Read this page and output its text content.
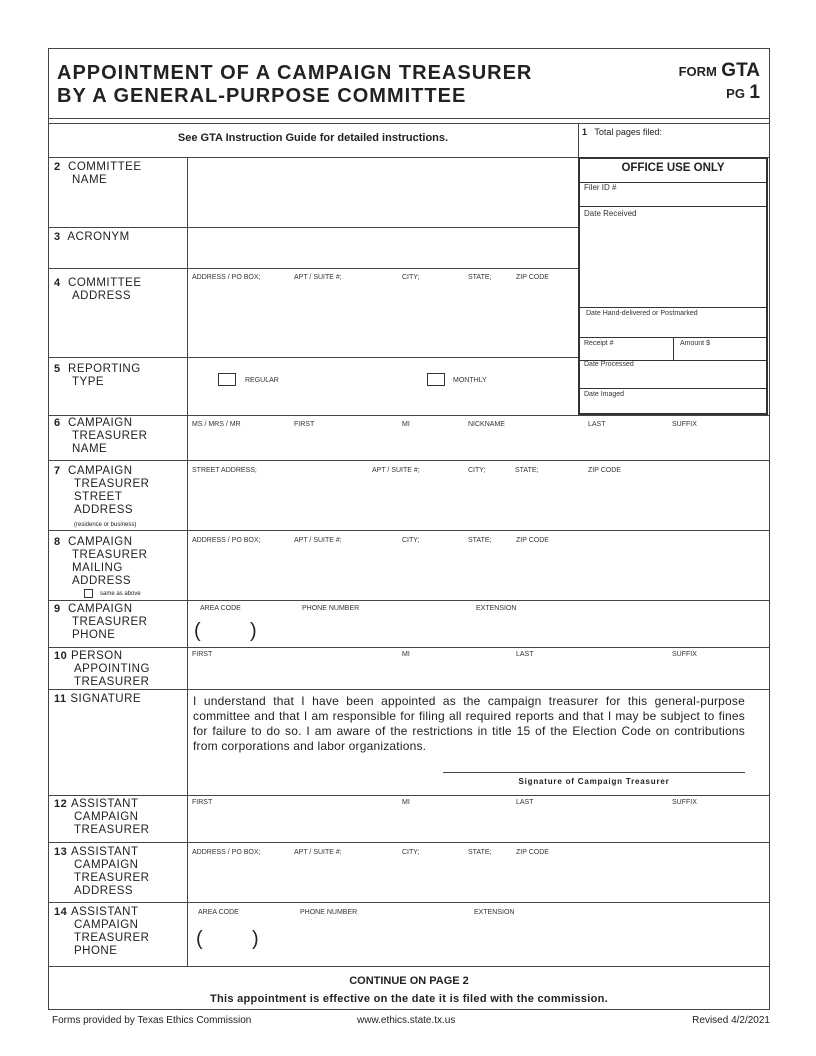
APPOINTMENT OF A CAMPAIGN TREASURER
BY A GENERAL-PURPOSE COMMITTEE
FORM GTA
PG 1
See GTA Instruction Guide for detailed instructions.	1 Total pages filed:
OFFICE USE ONLY
Filer ID #
Date Received
Date Hand-delivered or Postmarked
Receipt #	Amount $
Date Processed
Date Imaged
2 COMMITTEE
NAME
3 ACRONYM
4 COMMITTEE
ADDRESS
ADDRESS / PO BOX;	APT / SUITE #;	CITY;	STATE;	ZIP CODE
5 REPORTING
TYPE	REGULAR	MONTHLY
6 CAMPAIGN
TREASURER
NAME
MS / MRS / MR	FIRST	MI	NICKNAME	LAST	SUFFIX
7 CAMPAIGN
TREASURER
STREET
ADDRESS
(residence or business)
STREET ADDRESS;	APT / SUITE #;	CITY;	STATE;	ZIP CODE
8 CAMPAIGN
TREASURER
MAILING
ADDRESS
same as above
ADDRESS / PO BOX;	APT / SUITE #;	CITY;	STATE;	ZIP CODE
9 CAMPAIGN
TREASURER
PHONE
AREA CODE	PHONE NUMBER	EXTENSION
( )
10 PERSON
APPOINTING
TREASURER
FIRST	MI	LAST	SUFFIX
11 SIGNATURE	I understand that I have been appointed as the campaign treasurer for this general-purpose committee and that I am responsible for filing all required reports and that I may be subject to fines for failure to do so. I am aware of the restrictions in title 15 of the Election Code on contributions from corporations and labor organizations.
Signature of Campaign Treasurer
12 ASSISTANT
CAMPAIGN
TREASURER
FIRST	MI	LAST	SUFFIX
13 ASSISTANT
CAMPAIGN
TREASURER
ADDRESS
ADDRESS / PO BOX;	APT / SUITE #;	CITY;	STATE;	ZIP CODE
14 ASSISTANT
CAMPAIGN
TREASURER
PHONE
AREA CODE	PHONE NUMBER	EXTENSION
( )
CONTINUE ON PAGE 2
This appointment is effective on the date it is filed with the commission.
Forms provided by Texas Ethics Commission	www.ethics.state.tx.us	Revised 4/2/2021
